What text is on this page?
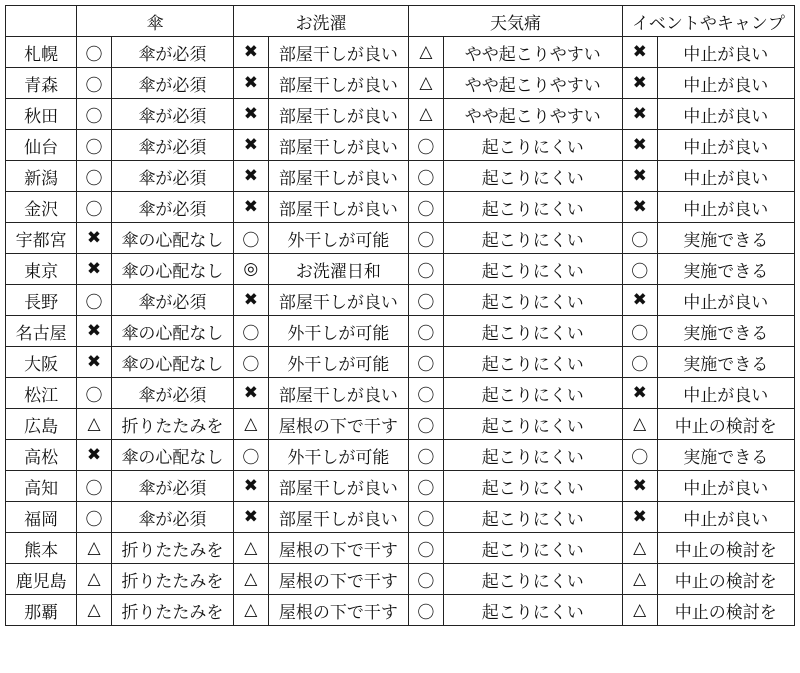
	傘		お洗濯		天気痛		イベントやキャンプ	
札幌	〇	傘が必須	✖	部屋干しが良い	△	やや起こりやすい	✖	中止が良い
青森	〇	傘が必須	✖	部屋干しが良い	△	やや起こりやすい	✖	中止が良い
秋田	〇	傘が必須	✖	部屋干しが良い	△	やや起こりやすい	✖	中止が良い
仙台	〇	傘が必須	✖	部屋干しが良い	〇	起こりにくい	✖	中止が良い
新潟	〇	傘が必須	✖	部屋干しが良い	〇	起こりにくい	✖	中止が良い
金沢	〇	傘が必須	✖	部屋干しが良い	〇	起こりにくい	✖	中止が良い
宇都宮	✖	傘の心配なし	〇	外干しが可能	〇	起こりにくい	〇	実施できる
東京	✖	傘の心配なし	◎	お洗濯日和	〇	起こりにくい	〇	実施できる
長野	〇	傘が必須	✖	部屋干しが良い	〇	起こりにくい	✖	中止が良い
名古屋	✖	傘の心配なし	〇	外干しが可能	〇	起こりにくい	〇	実施できる
大阪	✖	傘の心配なし	〇	外干しが可能	〇	起こりにくい	〇	実施できる
松江	〇	傘が必須	✖	部屋干しが良い	〇	起こりにくい	✖	中止が良い
広島	△	折りたたみを	△	屋根の下で干す	〇	起こりにくい	△	中止の検討を
高松	✖	傘の心配なし	〇	外干しが可能	〇	起こりにくい	〇	実施できる
高知	〇	傘が必須	✖	部屋干しが良い	〇	起こりにくい	✖	中止が良い
福岡	〇	傘が必須	✖	部屋干しが良い	〇	起こりにくい	✖	中止が良い
熊本	△	折りたたみを	△	屋根の下で干す	〇	起こりにくい	△	中止の検討を
鹿児島	△	折りたたみを	△	屋根の下で干す	〇	起こりにくい	△	中止の検討を
那覇	△	折りたたみを	△	屋根の下で干す	〇	起こりにくい	△	中止の検討を
